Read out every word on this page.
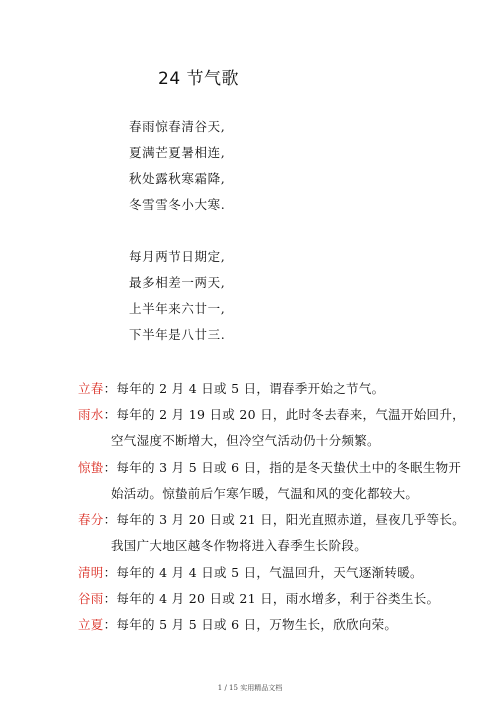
24 节气歌
春雨惊春清谷天,
夏满芒夏暑相连,
秋处露秋寒霜降,
冬雪雪冬小大寒.
每月两节日期定,
最多相差一两天,
上半年来六廿一,
下半年是八廿三.
立春：每年的 2 月 4 日或 5 日，谓春季开始之节气。
雨水：每年的 2 月 19 日或 20 日，此时冬去春来，气温开始回升，
空气湿度不断增大，但冷空气活动仍十分频繁。
惊蛰：每年的 3 月 5 日或 6 日，指的是冬天蛰伏土中的冬眠生物开
始活动。惊蛰前后乍寒乍暖，气温和风的变化都较大。
春分：每年的 3 月 20 日或 21 日，阳光直照赤道，昼夜几乎等长。
我国广大地区越冬作物将进入春季生长阶段。
清明：每年的 4 月 4 日或 5 日，气温回升，天气逐渐转暖。
谷雨：每年的 4 月 20 日或 21 日，雨水增多，利于谷类生长。
立夏：每年的 5 月 5 日或 6 日，万物生长，欣欣向荣。
1 / 15 实用精品文档
